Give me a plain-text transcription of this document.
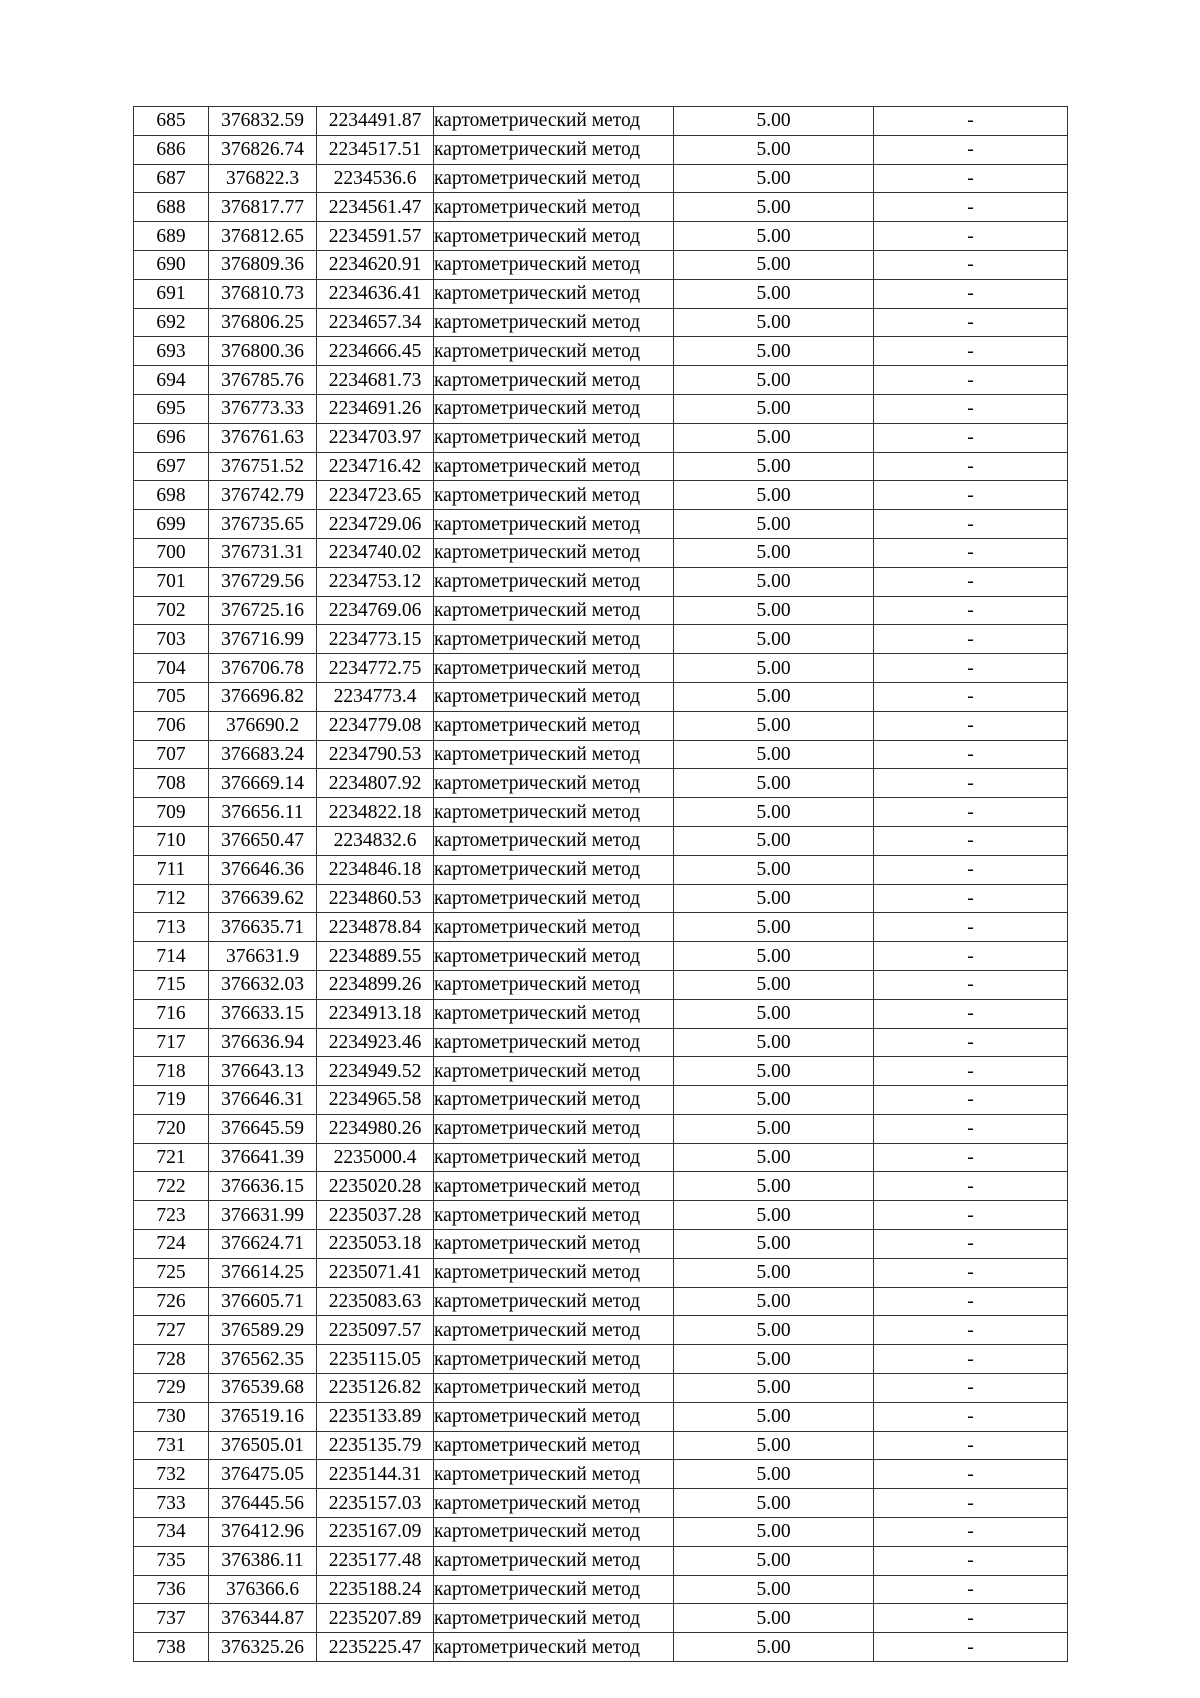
685	376832.59	2234491.87	картометрический метод	5.00	-
686	376826.74	2234517.51	картометрический метод	5.00	-
687	376822.3	2234536.6	картометрический метод	5.00	-
688	376817.77	2234561.47	картометрический метод	5.00	-
689	376812.65	2234591.57	картометрический метод	5.00	-
690	376809.36	2234620.91	картометрический метод	5.00	-
691	376810.73	2234636.41	картометрический метод	5.00	-
692	376806.25	2234657.34	картометрический метод	5.00	-
693	376800.36	2234666.45	картометрический метод	5.00	-
694	376785.76	2234681.73	картометрический метод	5.00	-
695	376773.33	2234691.26	картометрический метод	5.00	-
696	376761.63	2234703.97	картометрический метод	5.00	-
697	376751.52	2234716.42	картометрический метод	5.00	-
698	376742.79	2234723.65	картометрический метод	5.00	-
699	376735.65	2234729.06	картометрический метод	5.00	-
700	376731.31	2234740.02	картометрический метод	5.00	-
701	376729.56	2234753.12	картометрический метод	5.00	-
702	376725.16	2234769.06	картометрический метод	5.00	-
703	376716.99	2234773.15	картометрический метод	5.00	-
704	376706.78	2234772.75	картометрический метод	5.00	-
705	376696.82	2234773.4	картометрический метод	5.00	-
706	376690.2	2234779.08	картометрический метод	5.00	-
707	376683.24	2234790.53	картометрический метод	5.00	-
708	376669.14	2234807.92	картометрический метод	5.00	-
709	376656.11	2234822.18	картометрический метод	5.00	-
710	376650.47	2234832.6	картометрический метод	5.00	-
711	376646.36	2234846.18	картометрический метод	5.00	-
712	376639.62	2234860.53	картометрический метод	5.00	-
713	376635.71	2234878.84	картометрический метод	5.00	-
714	376631.9	2234889.55	картометрический метод	5.00	-
715	376632.03	2234899.26	картометрический метод	5.00	-
716	376633.15	2234913.18	картометрический метод	5.00	-
717	376636.94	2234923.46	картометрический метод	5.00	-
718	376643.13	2234949.52	картометрический метод	5.00	-
719	376646.31	2234965.58	картометрический метод	5.00	-
720	376645.59	2234980.26	картометрический метод	5.00	-
721	376641.39	2235000.4	картометрический метод	5.00	-
722	376636.15	2235020.28	картометрический метод	5.00	-
723	376631.99	2235037.28	картометрический метод	5.00	-
724	376624.71	2235053.18	картометрический метод	5.00	-
725	376614.25	2235071.41	картометрический метод	5.00	-
726	376605.71	2235083.63	картометрический метод	5.00	-
727	376589.29	2235097.57	картометрический метод	5.00	-
728	376562.35	2235115.05	картометрический метод	5.00	-
729	376539.68	2235126.82	картометрический метод	5.00	-
730	376519.16	2235133.89	картометрический метод	5.00	-
731	376505.01	2235135.79	картометрический метод	5.00	-
732	376475.05	2235144.31	картометрический метод	5.00	-
733	376445.56	2235157.03	картометрический метод	5.00	-
734	376412.96	2235167.09	картометрический метод	5.00	-
735	376386.11	2235177.48	картометрический метод	5.00	-
736	376366.6	2235188.24	картометрический метод	5.00	-
737	376344.87	2235207.89	картометрический метод	5.00	-
738	376325.26	2235225.47	картометрический метод	5.00	-
